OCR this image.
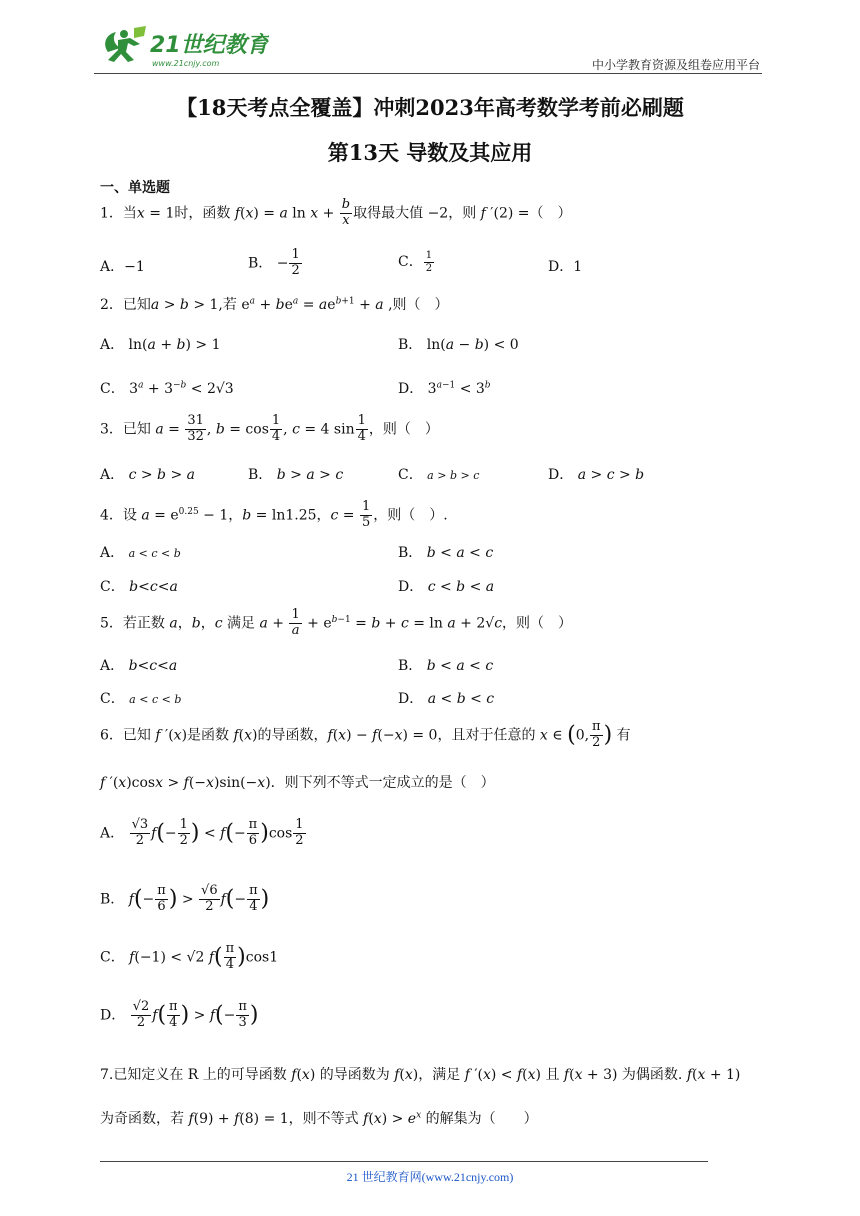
21世纪教育
www.21cnjy.com	中小学教育资源及组卷应用平台
【18天考点全覆盖】冲刺2023年高考数学考前必刷题
第13天 导数及其应用
一、单选题
1．当x = 1时，函数 f(x) = a $\ln x + \frac{b}{x}$ 取得最大值 −2，则 f ′(2) =（　）
A．−1	B． − $\frac{1}{2}$	C． $\frac{1}{2}$	D．1
2．已知a > b > 1,若 $e^a + be^a = ae^{b+1} + a$ ,则（　）
A． ln(a + b) > 1	B． ln(a − b) < 0
C． $3^a + 3^{-b} < 2√3$	D． $3^{a-1} < 3^b$
3．已知 $a = \frac{31}{32}$ , $b = \cos \frac{1}{4}$ , c = 4 $\sin \frac{1}{4}$ ，则（　）
A． c > b > a	B． b > a > c	C． a > b > c	D． a > c > b
4．设 $a = e^{0.25} - 1$，b = ln1.25，$c = \frac{1}{5}$ ，则（　）.
A． a < c < b	B． b < a < c
C． b<c<a	D． c < b < a
5．若正数 a，b，c 满足 $a + \frac{1}{a} + e^{b-1} = b + c = \ln a + 2√c$，则（　）
A． b<c<a	B． b < a < c
C． a < c < b	D． a < b < c
6．已知 f ′(x)是函数 f(x)的导函数，f(x) − f(−x) = 0，且对于任意的 x ∈ (0, $\frac{\pi}{2}$ ) 有
f ′(x)cosx > f(−x)sin(−x)．则下列不等式一定成立的是（　）
A． $\frac{√3}{2} f(- \frac{1}{2}$ ) < $f(- \frac{\pi}{6} )\cos \frac{1}{2}$
B． $f(- \frac{\pi}{6}$ ) > $\frac{√6}{2} f(- \frac{\pi}{4}$ )
C． f(−1) < √2 $f( \frac{\pi}{4} )\cos 1$
D． $\frac{√2}{2} f( \frac{\pi}{4}$ ) > $f(- \frac{\pi}{3}$ )
7.已知定义在 R 上的可导函数 f(x) 的导函数为 f(x)，满足 f ′(x) < f(x) 且 f(x + 3) 为偶函数. f(x + 1)
为奇函数，若 f(9) + f(8) = 1，则不等式 $f(x) > e^x$ 的解集为（　　）
21 世纪教育网(www.21cnjy.com)
